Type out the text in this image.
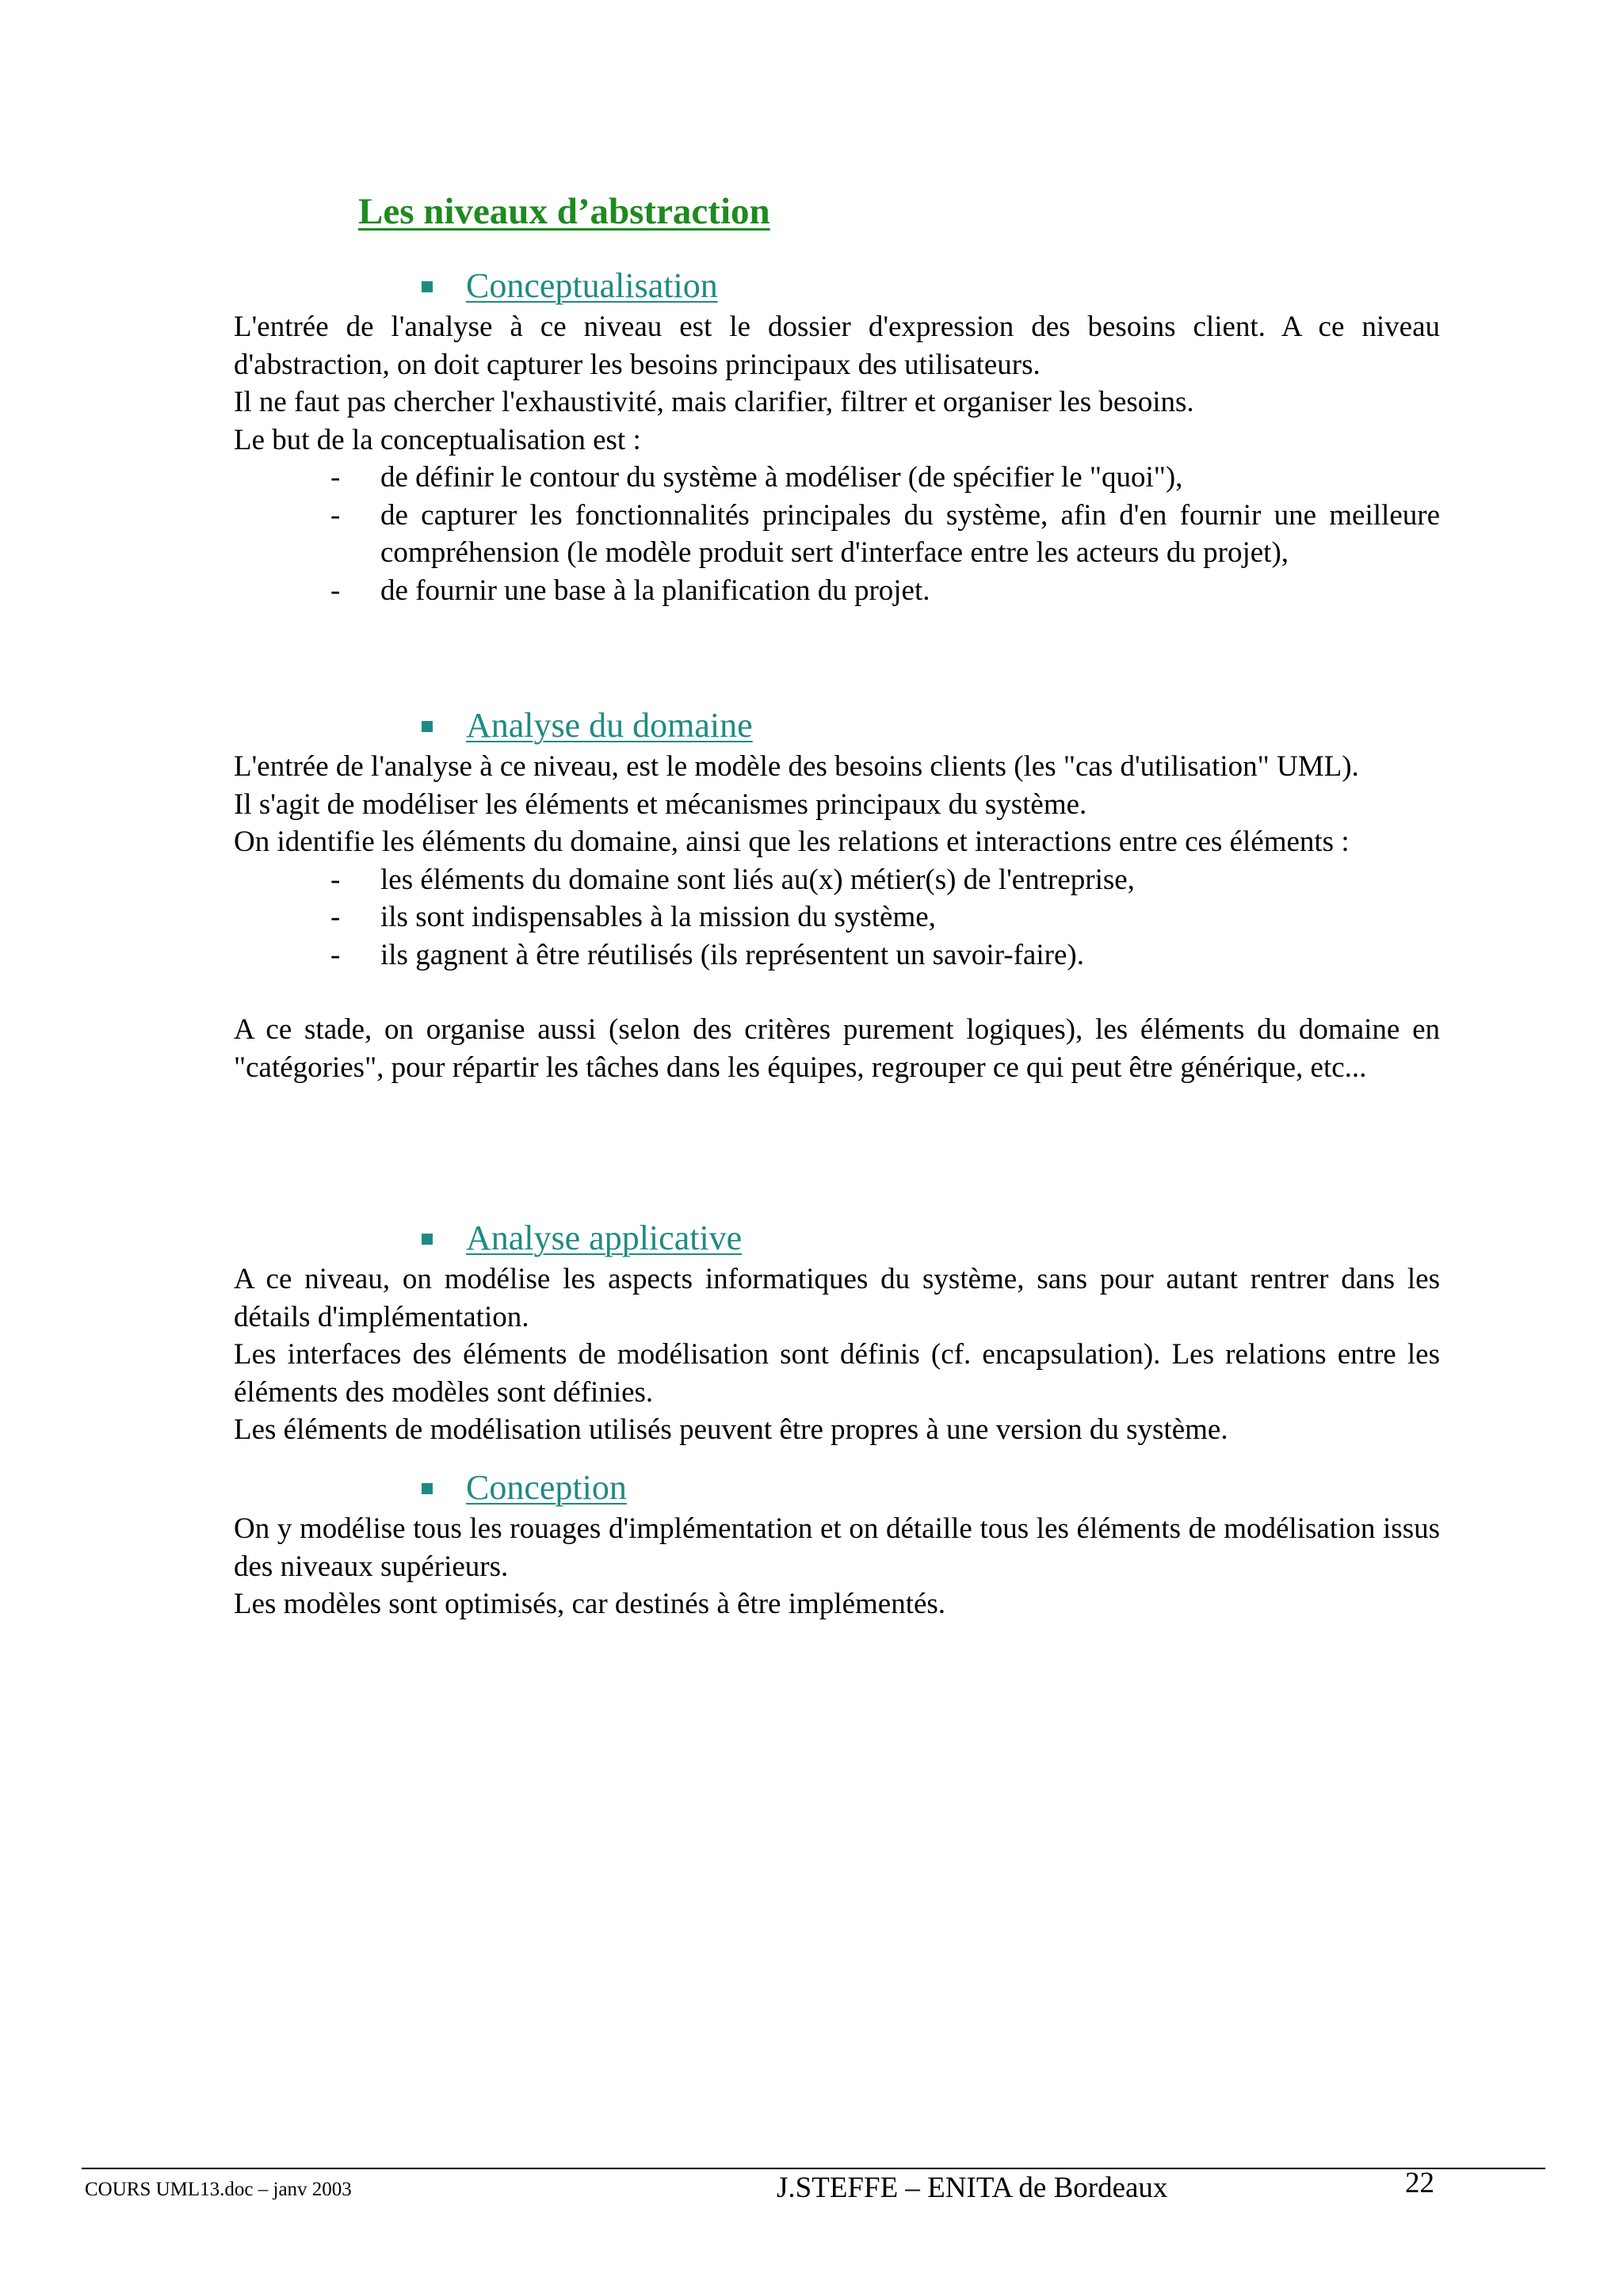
Les niveaux d’abstraction
Conceptualisation

L'entrée de l'analyse à ce niveau est le dossier d'expression des besoins client. A ce niveau d'abstraction, on doit capturer les besoins principaux des utilisateurs.

Il ne faut pas chercher l'exhaustivité, mais clarifier, filtrer et organiser les besoins.

Le but de la conceptualisation est :

- de définir le contour du système à modéliser (de spécifier le "quoi"),
- de capturer les fonctionnalités principales du système, afin d'en fournir une meilleure compréhension (le modèle produit sert d'interface entre les acteurs du projet),
- de fournir une base à la planification du projet.
Analyse du domaine

L'entrée de l'analyse à ce niveau, est le modèle des besoins clients (les "cas d'utilisation" UML).

Il s'agit de modéliser les éléments et mécanismes principaux du système.

On identifie les éléments du domaine, ainsi que les relations et interactions entre ces éléments :

- les éléments du domaine sont liés au(x) métier(s) de l'entreprise,
- ils sont indispensables à la mission du système,
- ils gagnent à être réutilisés (ils représentent un savoir-faire).

A ce stade, on organise aussi (selon des critères purement logiques), les éléments du domaine en "catégories", pour répartir les tâches dans les équipes, regrouper ce qui peut être générique, etc...

Analyse applicative

A ce niveau, on modélise les aspects informatiques du système, sans pour autant rentrer dans les détails d'implémentation.

Les interfaces des éléments de modélisation sont définis (cf. encapsulation). Les relations entre les éléments des modèles sont définies.

Les éléments de modélisation utilisés peuvent être propres à une version du système.

Conception

On y modélise tous les rouages d'implémentation et on détaille tous les éléments de modélisation issus des niveaux supérieurs.

Les modèles sont optimisés, car destinés à être implémentés.

COURS UML13.doc – janv 2003	J.STEFFE – ENITA de Bordeaux	22
